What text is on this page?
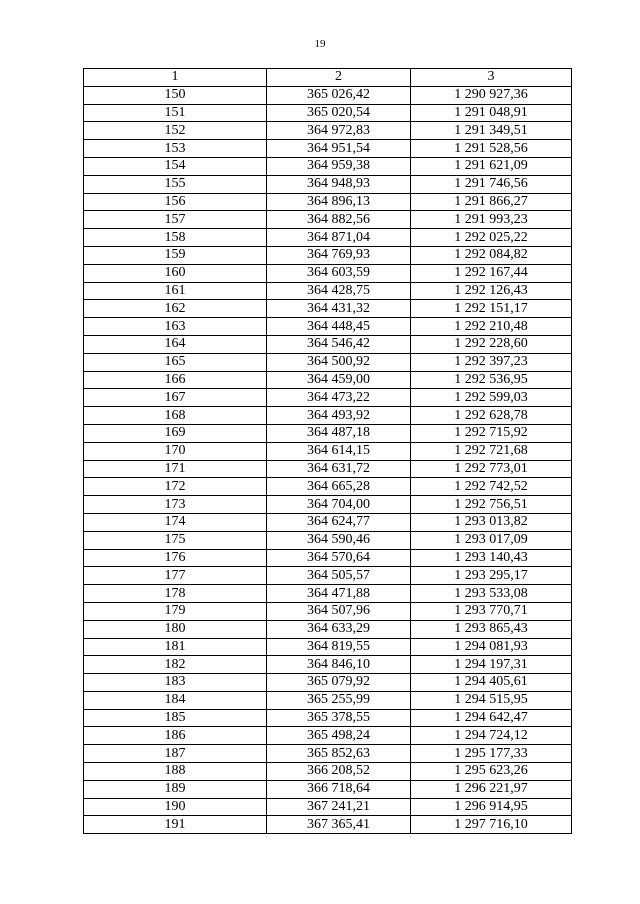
19
1	2	3
150	365 026,42	1 290 927,36
151	365 020,54	1 291 048,91
152	364 972,83	1 291 349,51
153	364 951,54	1 291 528,56
154	364 959,38	1 291 621,09
155	364 948,93	1 291 746,56
156	364 896,13	1 291 866,27
157	364 882,56	1 291 993,23
158	364 871,04	1 292 025,22
159	364 769,93	1 292 084,82
160	364 603,59	1 292 167,44
161	364 428,75	1 292 126,43
162	364 431,32	1 292 151,17
163	364 448,45	1 292 210,48
164	364 546,42	1 292 228,60
165	364 500,92	1 292 397,23
166	364 459,00	1 292 536,95
167	364 473,22	1 292 599,03
168	364 493,92	1 292 628,78
169	364 487,18	1 292 715,92
170	364 614,15	1 292 721,68
171	364 631,72	1 292 773,01
172	364 665,28	1 292 742,52
173	364 704,00	1 292 756,51
174	364 624,77	1 293 013,82
175	364 590,46	1 293 017,09
176	364 570,64	1 293 140,43
177	364 505,57	1 293 295,17
178	364 471,88	1 293 533,08
179	364 507,96	1 293 770,71
180	364 633,29	1 293 865,43
181	364 819,55	1 294 081,93
182	364 846,10	1 294 197,31
183	365 079,92	1 294 405,61
184	365 255,99	1 294 515,95
185	365 378,55	1 294 642,47
186	365 498,24	1 294 724,12
187	365 852,63	1 295 177,33
188	366 208,52	1 295 623,26
189	366 718,64	1 296 221,97
190	367 241,21	1 296 914,95
191	367 365,41	1 297 716,10
